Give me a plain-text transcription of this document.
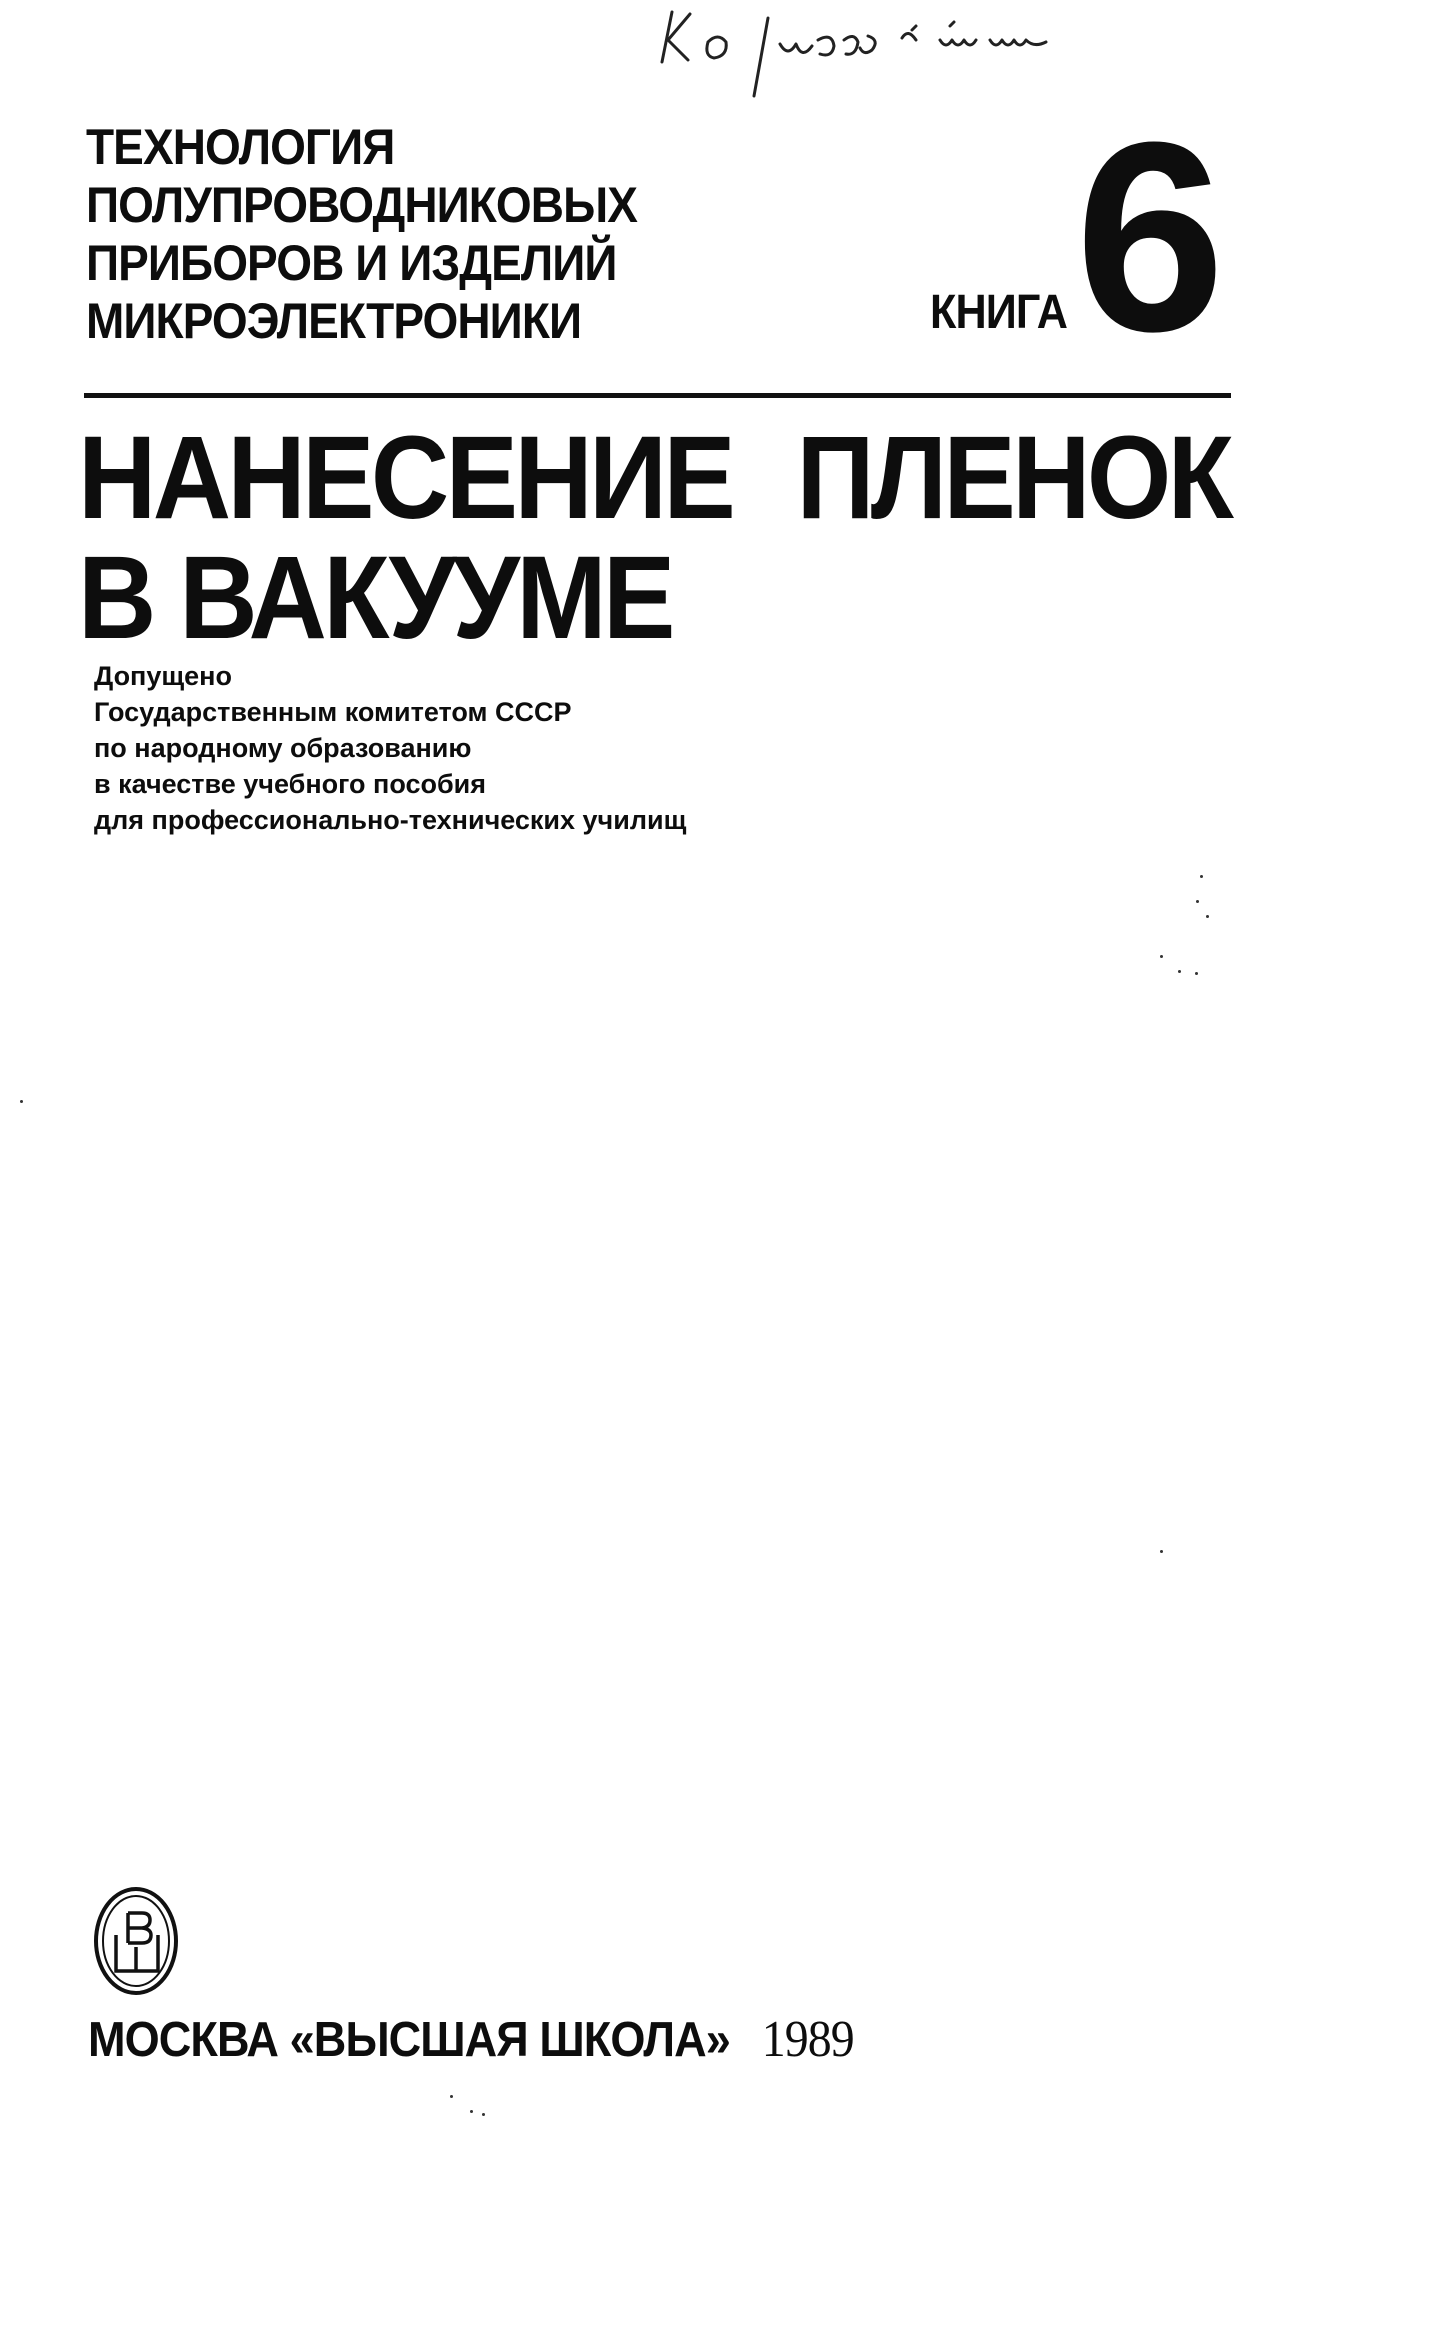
ТЕХНОЛОГИЯ
ПОЛУПРОВОДНИКОВЫХ
ПРИБОРОВ И ИЗДЕЛИЙ
МИКРОЭЛЕКТРОНИКИ	КНИГА 6
НАНЕСЕНИЕ ПЛЕНОК
В ВАКУУМЕ
Допущено
Государственным комитетом СССР
по народному образованию
в качестве учебного пособия
для профессионально-технических училищ
МОСКВА «ВЫСШАЯ ШКОЛА» 1989
